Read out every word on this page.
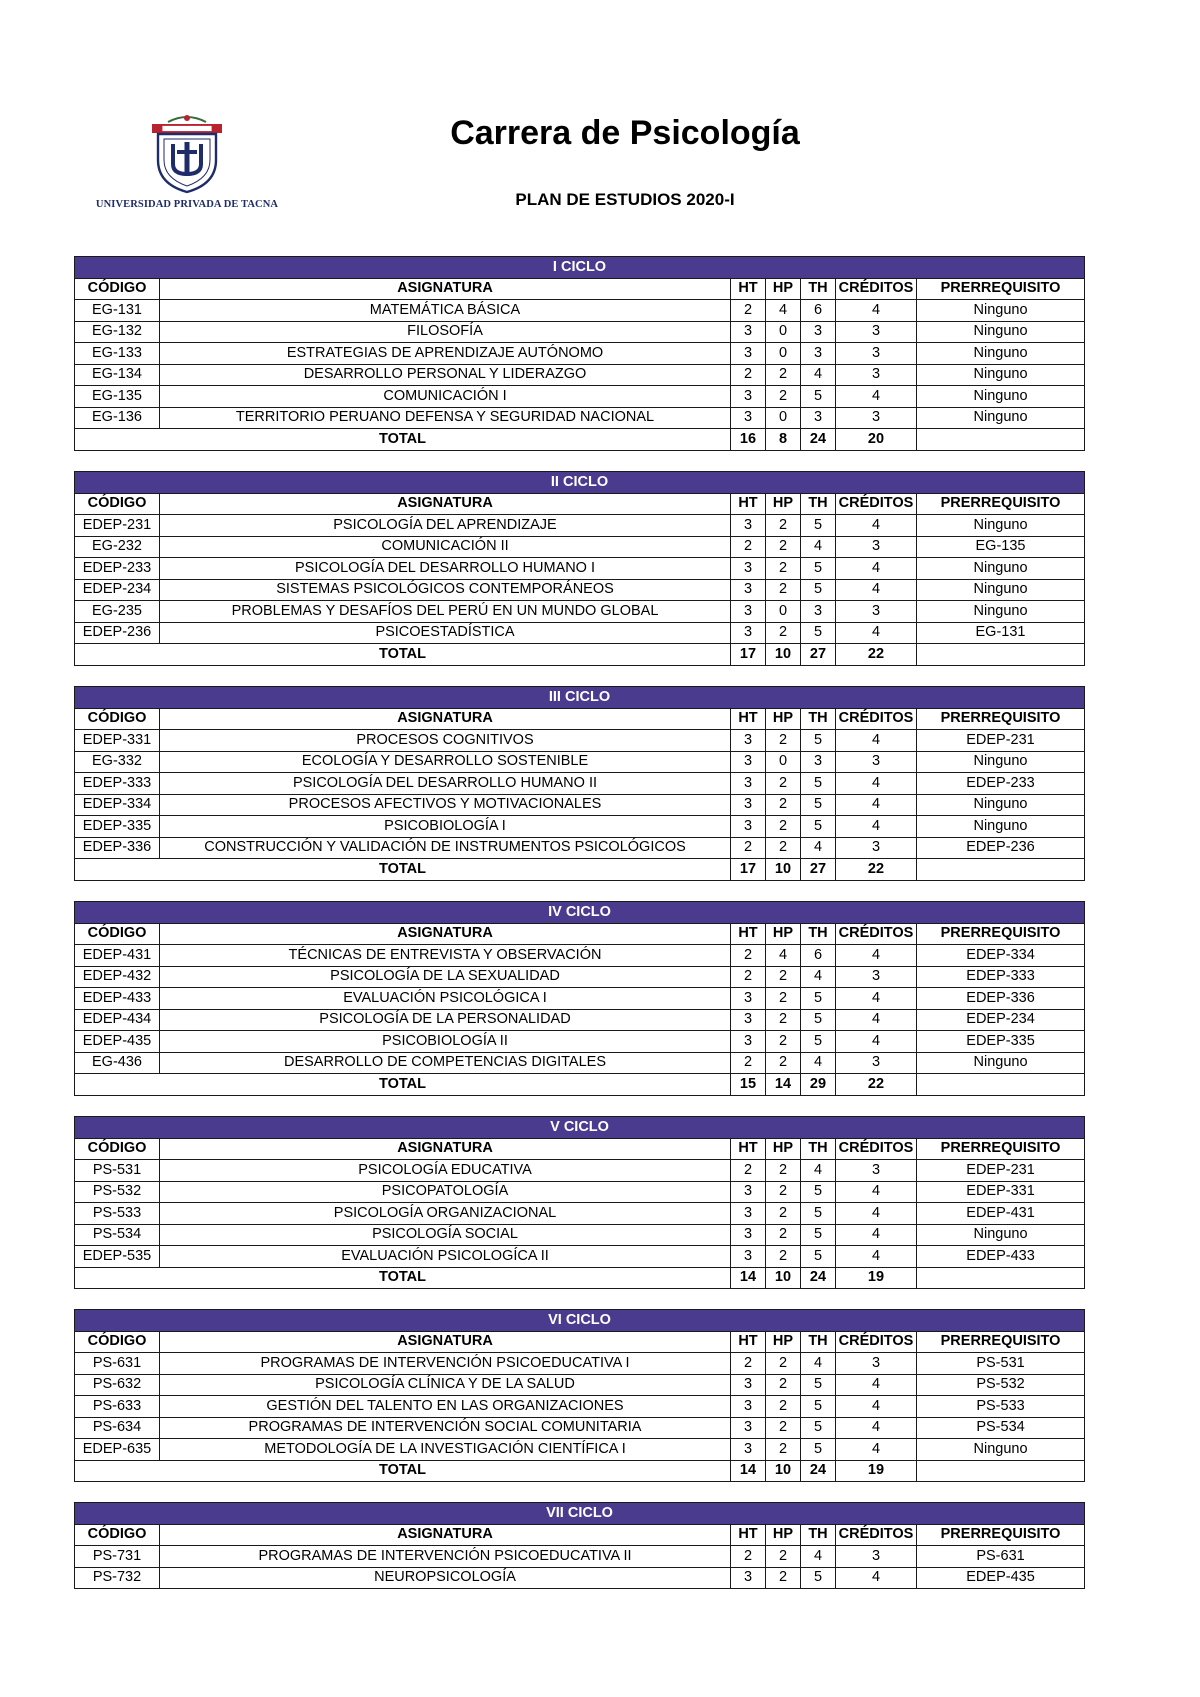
UNIVERSIDAD PRIVADA DE TACNA
Carrera de Psicología
PLAN DE ESTUDIOS 2020-I
I CICLO						
CÓDIGO	ASIGNATURA	HT	HP	TH	CRÉDITOS	PRERREQUISITO
EG-131	MATEMÁTICA BÁSICA	2	4	6	4	Ninguno
EG-132	FILOSOFÍA	3	0	3	3	Ninguno
EG-133	ESTRATEGIAS DE APRENDIZAJE AUTÓNOMO	3	0	3	3	Ninguno
EG-134	DESARROLLO PERSONAL Y LIDERAZGO	2	2	4	3	Ninguno
EG-135	COMUNICACIÓN I	3	2	5	4	Ninguno
EG-136	TERRITORIO PERUANO DEFENSA Y SEGURIDAD NACIONAL	3	0	3	3	Ninguno
TOTAL		16	8	24	20	
II CICLO						
CÓDIGO	ASIGNATURA	HT	HP	TH	CRÉDITOS	PRERREQUISITO
EDEP-231	PSICOLOGÍA DEL APRENDIZAJE	3	2	5	4	Ninguno
EG-232	COMUNICACIÓN II	2	2	4	3	EG-135
EDEP-233	PSICOLOGÍA DEL DESARROLLO HUMANO I	3	2	5	4	Ninguno
EDEP-234	SISTEMAS PSICOLÓGICOS CONTEMPORÁNEOS	3	2	5	4	Ninguno
EG-235	PROBLEMAS Y DESAFÍOS DEL PERÚ EN UN MUNDO GLOBAL	3	0	3	3	Ninguno
EDEP-236	PSICOESTADÍSTICA	3	2	5	4	EG-131
TOTAL		17	10	27	22	
III CICLO						
CÓDIGO	ASIGNATURA	HT	HP	TH	CRÉDITOS	PRERREQUISITO
EDEP-331	PROCESOS COGNITIVOS	3	2	5	4	EDEP-231
EG-332	ECOLOGÍA Y DESARROLLO SOSTENIBLE	3	0	3	3	Ninguno
EDEP-333	PSICOLOGÍA DEL DESARROLLO HUMANO II	3	2	5	4	EDEP-233
EDEP-334	PROCESOS AFECTIVOS Y MOTIVACIONALES	3	2	5	4	Ninguno
EDEP-335	PSICOBIOLOGÍA I	3	2	5	4	Ninguno
EDEP-336	CONSTRUCCIÓN Y VALIDACIÓN DE INSTRUMENTOS PSICOLÓGICOS	2	2	4	3	EDEP-236
TOTAL		17	10	27	22	
IV CICLO						
CÓDIGO	ASIGNATURA	HT	HP	TH	CRÉDITOS	PRERREQUISITO
EDEP-431	TÉCNICAS DE ENTREVISTA Y OBSERVACIÓN	2	4	6	4	EDEP-334
EDEP-432	PSICOLOGÍA DE LA SEXUALIDAD	2	2	4	3	EDEP-333
EDEP-433	EVALUACIÓN PSICOLÓGICA I	3	2	5	4	EDEP-336
EDEP-434	PSICOLOGÍA DE LA PERSONALIDAD	3	2	5	4	EDEP-234
EDEP-435	PSICOBIOLOGÍA II	3	2	5	4	EDEP-335
EG-436	DESARROLLO DE COMPETENCIAS DIGITALES	2	2	4	3	Ninguno
TOTAL		15	14	29	22	
V CICLO						
CÓDIGO	ASIGNATURA	HT	HP	TH	CRÉDITOS	PRERREQUISITO
PS-531	PSICOLOGÍA EDUCATIVA	2	2	4	3	EDEP-231
PS-532	PSICOPATOLOGÍA	3	2	5	4	EDEP-331
PS-533	PSICOLOGÍA ORGANIZACIONAL	3	2	5	4	EDEP-431
PS-534	PSICOLOGÍA SOCIAL	3	2	5	4	Ninguno
EDEP-535	EVALUACIÓN PSICOLOGÍCA II	3	2	5	4	EDEP-433
TOTAL		14	10	24	19	
VI CICLO						
CÓDIGO	ASIGNATURA	HT	HP	TH	CRÉDITOS	PRERREQUISITO
PS-631	PROGRAMAS DE INTERVENCIÓN PSICOEDUCATIVA I	2	2	4	3	PS-531
PS-632	PSICOLOGÍA CLÍNICA Y DE LA SALUD	3	2	5	4	PS-532
PS-633	GESTIÓN DEL TALENTO EN LAS ORGANIZACIONES	3	2	5	4	PS-533
PS-634	PROGRAMAS DE INTERVENCIÓN SOCIAL COMUNITARIA	3	2	5	4	PS-534
EDEP-635	METODOLOGÍA DE LA INVESTIGACIÓN CIENTÍFICA I	3	2	5	4	Ninguno
TOTAL		14	10	24	19	
VII CICLO						
CÓDIGO	ASIGNATURA	HT	HP	TH	CRÉDITOS	PRERREQUISITO
PS-731	PROGRAMAS DE INTERVENCIÓN PSICOEDUCATIVA II	2	2	4	3	PS-631
PS-732	NEUROPSICOLOGÍA	3	2	5	4	EDEP-435
